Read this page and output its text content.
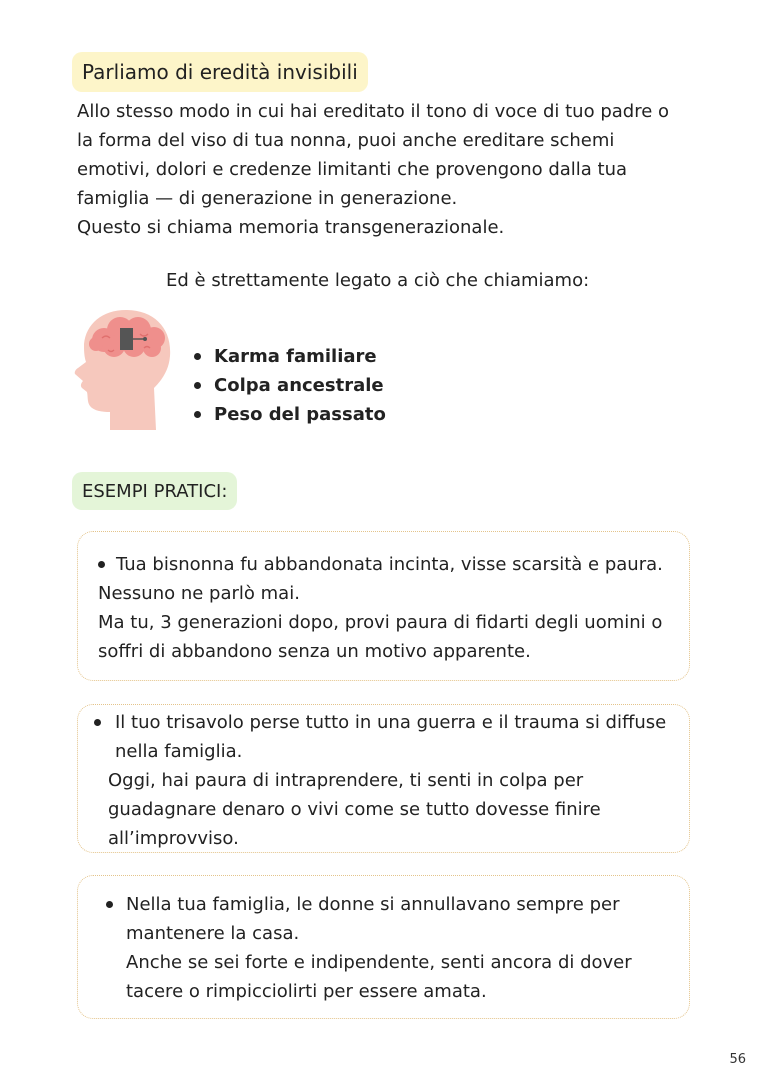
Parliamo di eredità invisibili

Allo stesso modo in cui hai ereditato il tono di voce di tuo padre o
la forma del viso di tua nonna, puoi anche ereditare schemi
emotivi, dolori e credenze limitanti che provengono dalla tua
famiglia — di generazione in generazione.
Questo si chiama memoria transgenerazionale.

Ed è strettamente legato a ciò che chiamiamo:
Karma familiare
Colpa ancestrale
Peso del passato
ESEMPI PRATICI:
Tua bisnonna fu abbandonata incinta, visse scarsità e paura.
Nessuno ne parlò mai.
Ma tu, 3 generazioni dopo, provi paura di fidarti degli uomini o
soffri di abbandono senza un motivo apparente.
Il tuo trisavolo perse tutto in una guerra e il trauma si diffuse
nella famiglia.
Oggi, hai paura di intraprendere, ti senti in colpa per
guadagnare denaro o vivi come se tutto dovesse finire
all’improvviso.
Nella tua famiglia, le donne si annullavano sempre per
mantenere la casa.
Anche se sei forte e indipendente, senti ancora di dover
tacere o rimpicciolirti per essere amata.
56
